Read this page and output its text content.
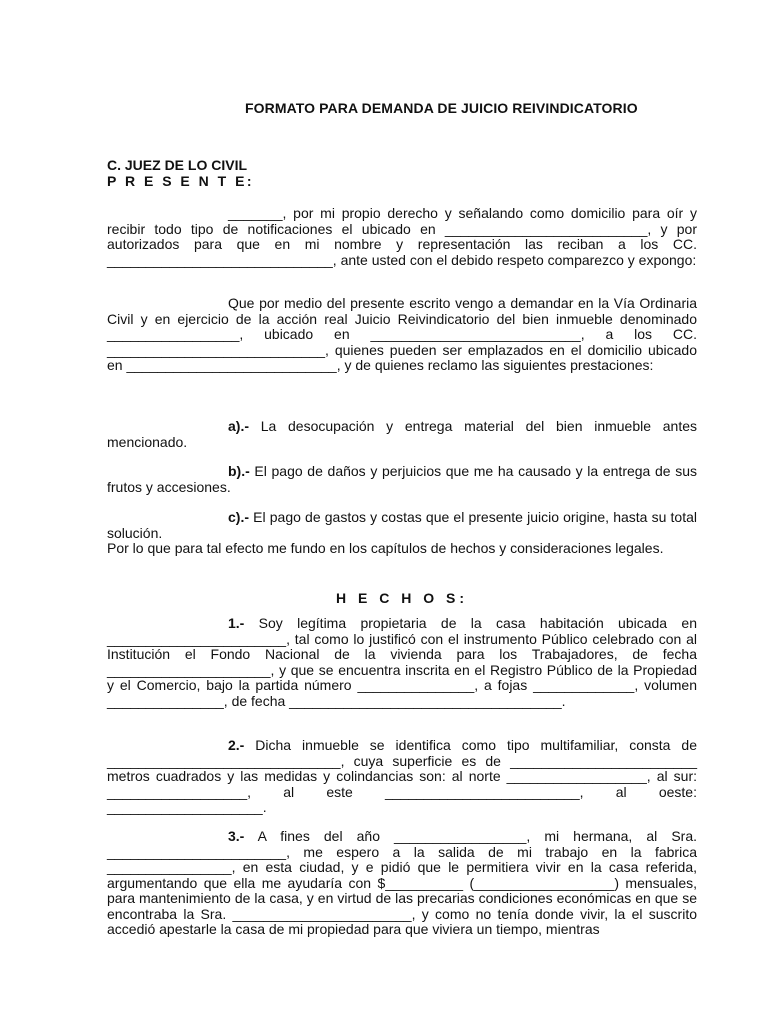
FORMATO PARA DEMANDA DE JUICIO REIVINDICATORIO

C. JUEZ DE LO CIVIL

P R E S E N T E:

_______, por mi propio derecho y señalando como domicilio para oír y recibir todo tipo de notificaciones el ubicado en __________________________, y por autorizados para que en mi nombre y representación las reciban a los CC. _____________________________, ante usted con el debido respeto comparezco y expongo:

Que por medio del presente escrito vengo a demandar en la Vía Ordinaria Civil y en ejercicio de la acción real Juicio Reivindicatorio del bien inmueble denominado _________________, ubicado en ___________________________, a los CC. ____________________________, quienes pueden ser emplazados en el domicilio ubicado en ___________________________, y de quienes reclamo las siguientes prestaciones:

a).- La desocupación y entrega material del bien inmueble antes mencionado.

b).- El pago de daños y perjuicios que me ha causado y la entrega de sus frutos y accesiones.

c).- El pago de gastos y costas que el presente juicio origine, hasta su total solución.

Por lo que para tal efecto me fundo en los capítulos de hechos y consideraciones legales.

H E C H O S:

1.- Soy legítima propietaria de la casa habitación ubicada en _______________________, tal como lo justificó con el instrumento Público celebrado con al Institución el Fondo Nacional de la vivienda para los Trabajadores, de fecha _____________________, y que se encuentra inscrita en el Registro Público de la Propiedad y el Comercio, bajo la partida número _______________, a fojas _____________, volumen _______________, de fecha ___________________________________.

2.- Dicha inmueble se identifica como tipo multifamiliar, consta de ______________________________, cuya superficie es de ________________________ metros cuadrados y las medidas y colindancias son: al norte __________________, al sur: __________________, al este _________________________, al oeste: ____________________.

3.- A fines del año _________________, mi hermana, al Sra. _______________________, me espero a la salida de mi trabajo en la fabrica ________________, en esta ciudad, y e pidió que le permitiera vivir en la casa referida, argumentando que ella me ayudaría con $__________ (__________________) mensuales, para mantenimiento de la casa, y en virtud de las precarias condiciones económicas en que se encontraba la Sra. _______________________, y como no tenía donde vivir, la el suscrito accedió apestarle la casa de mi propiedad para que viviera un tiempo, mientras
